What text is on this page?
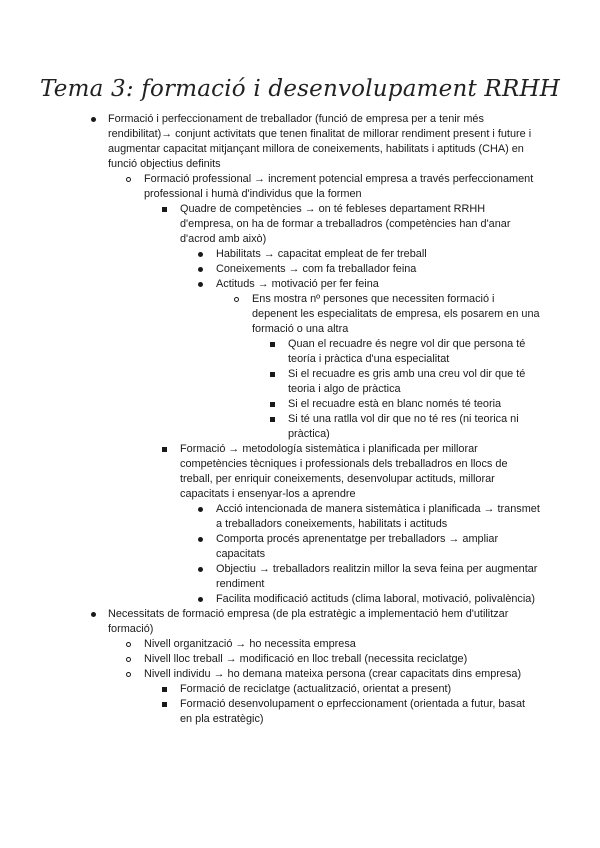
Tema 3: formació i desenvolupament RRHH
Formació i perfeccionament de treballador (funció de empresa per a tenir més rendibilitat)→ conjunt activitats que tenen finalitat de millorar rendiment present i future i augmentar capacitat mitjançant millora de coneixements, habilitats i aptituds (CHA) en funció objectius definits
Formació professional → increment potencial empresa a través perfeccionament professional i humà d'individus que la formen
Quadre de competències → on té febleses departament RRHH d'empresa, on ha de formar a treballadros (competències han d'anar d'acrod amb això)
Habilitats → capacitat empleat de fer treball
Coneixements → com fa treballador feina
Actituds → motivació per fer feina
Ens mostra nº persones que necessiten formació i depenent les especialitats de empresa, els posarem en una formació o una altra
Quan el recuadre és negre vol dir que persona té teoría i pràctica d'una especialitat
Si el recuadre es gris amb una creu vol dir que té teoria i algo de pràctica
Si el recuadre està en blanc només té teoria
Si té una ratlla vol dir que no té res (ni teorica ni pràctica)
Formació → metodología sistemàtica i planificada per millorar competències tècniques i professionals dels treballadros en llocs de treball, per enriquir coneixements, desenvolupar actituds, millorar capacitats i ensenyar-los a aprendre
Acció intencionada de manera sistemàtica i planificada → transmet a treballadors coneixements, habilitats i actituds
Comporta procés aprenentatge per treballadors → ampliar capacitats
Objectiu → treballadors realitzin millor la seva feina per augmentar rendiment
Facilita modificació actituds (clima laboral, motivació, polivalència)
Necessitats de formació empresa (de pla estratègic a implementació hem d'utilitzar formació)
Nivell organització → ho necessita empresa
Nivell lloc treball → modificació en lloc treball (necessita reciclatge)
Nivell individu → ho demana mateixa persona (crear capacitats dins empresa)
Formació de reciclatge (actualització, orientat a present)
Formació desenvolupament o eprfeccionament (orientada a futur, basat en pla estratègic)
